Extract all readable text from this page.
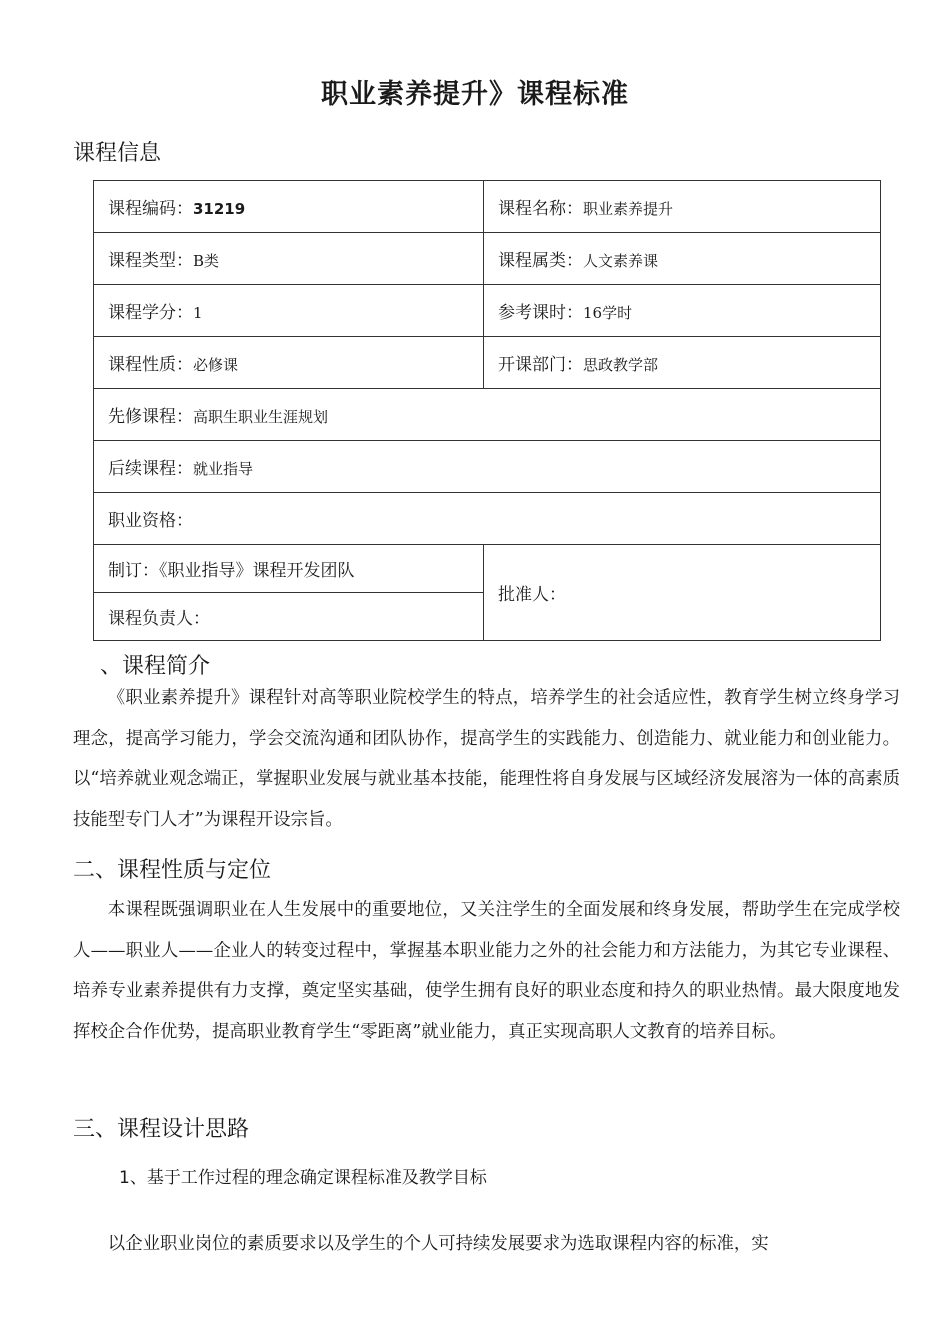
职业素养提升》课程标准
课程信息
课程编码：31219	课程名称：职业素养提升
课程类型：B类	课程属类：人文素养课
课程学分：1	参考课时：16学时
课程性质：必修课	开课部门：思政教学部
先修课程：高职生职业生涯规划	
后续课程：就业指导	
职业资格：	
制订：《职业指导》课程开发团队	批准人：
课程负责人：	
、课程简介

《职业素养提升》课程针对高等职业院校学生的特点，培养学生的社会适应性，教育学生树立终身学习理念，提高学习能力，学会交流沟通和团队协作，提高学生的实践能力、创造能力、就业能力和创业能力。以“培养就业观念端正，掌握职业发展与就业基本技能，能理性将自身发展与区域经济发展溶为一体的高素质技能型专门人才”为课程开设宗旨。

二、课程性质与定位

本课程既强调职业在人生发展中的重要地位，又关注学生的全面发展和终身发展，帮助学生在完成学校人——职业人——企业人的转变过程中，掌握基本职业能力之外的社会能力和方法能力，为其它专业课程、培养专业素养提供有力支撑，奠定坚实基础，使学生拥有良好的职业态度和持久的职业热情。最大限度地发挥校企合作优势，提高职业教育学生“零距离”就业能力，真正实现高职人文教育的培养目标。

三、课程设计思路
1、基于工作过程的理念确定课程标准及教学目标

以企业职业岗位的素质要求以及学生的个人可持续发展要求为选取课程内容的标准，实
